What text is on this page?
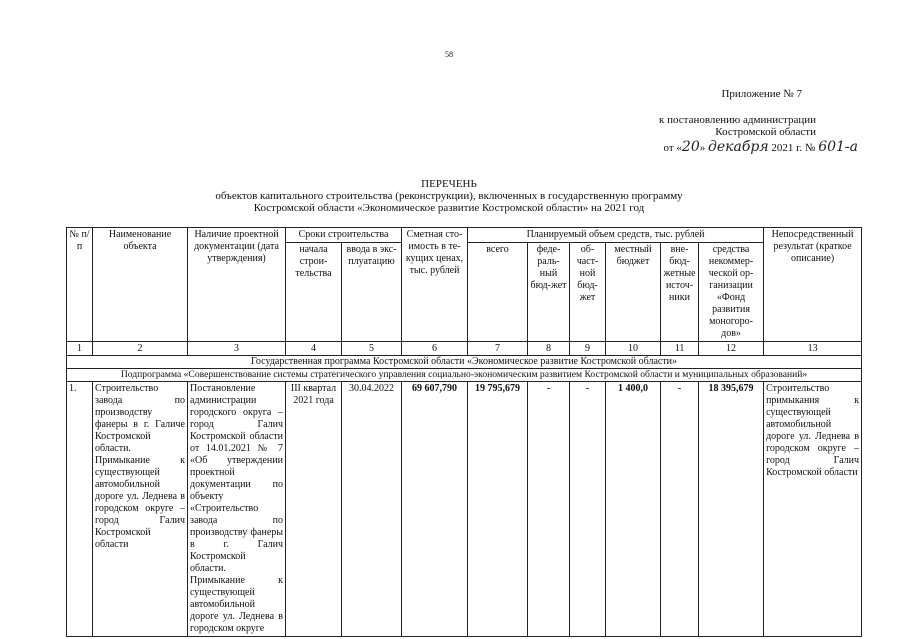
58
Приложение № 7
к постановлению администрации
Костромской области
от «20» декабря 2021 г. № 601-а
ПЕРЕЧЕНЬ
объектов капитального строительства (реконструкции), включенных в государственную программу
Костромской области «Экономическое развитие Костромской области» на 2021 год
№ п/п	Наименование объекта	Наличие проектной документации (дата утверждения)	Сроки строительства		Сметная сто-имость в те-кущих ценах, тыс. рублей	Планируемый объем средств, тыс. рублей						Непосредственный результат (краткое описание)
			начала строи-тельства	ввода в экс-плуатацию		всего	феде-раль-ный бюд-жет	об-част-ной бюд-жет	местный бюджет	вне-бюд-жетные источ-ники	средства некоммер-ческой ор-ганизации «Фонд развития моногоро-дов»	
1	2	3	4	5	6	7	8	9	10	11	12	13
Государственная программа Костромской области «Экономическое развитие Костромской области»												
Подпрограмма «Совершенствование системы стратегического управления социально-экономическим развитием Костромской области и муниципальных образований»												
1.	Строительство завода по производству фанеры в г. Галиче Костромской области. Примыкание к существующей автомобильной дороге ул. Леднева в городском округе – город Галич Костромской области	Постановление администрации городского округа – город Галич Костромской области от 14.01.2021 № 7 «Об утверждении проектной документации по объекту «Строительство завода по производству фанеры в г. Галич Костромской области. Примыкание к существующей автомобильной дороге ул. Леднева в городском округе	III квартал 2021 года	30.04.2022	69 607,790	19 795,679	-	-	1 400,0	-	18 395,679	Строительство примыкания к существующей автомобильной дороге ул. Леднева в городском округе – город Галич Костромской области
